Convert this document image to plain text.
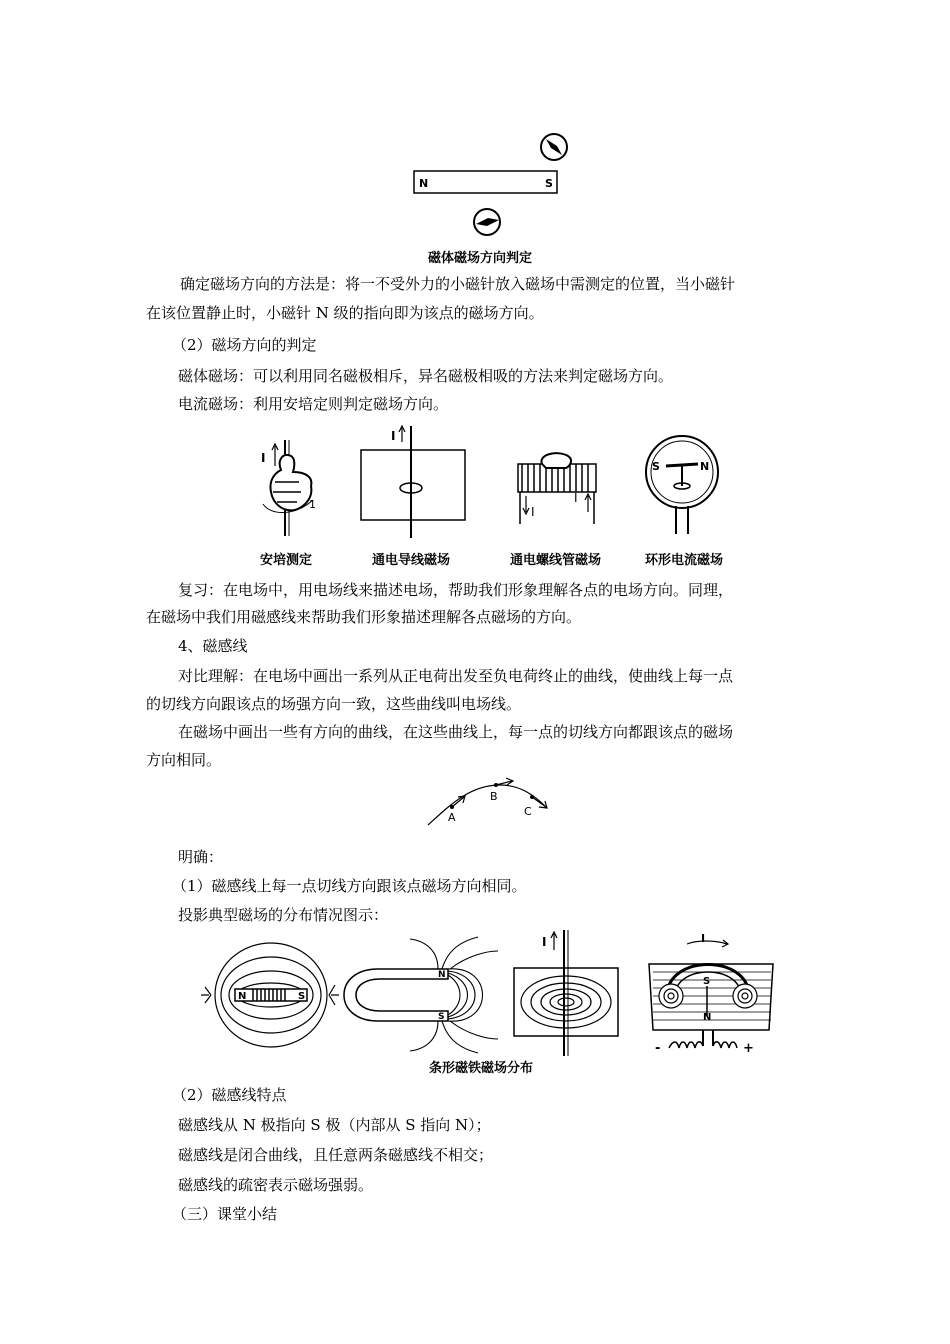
N	S
磁体磁场方向判定
确定磁场方向的方法是：将一不受外力的小磁针放入磁场中需测定的位置，当小磁针
在该位置静止时，小磁针 N 级的指向即为该点的磁场方向。
（2）磁场方向的判定
磁体磁场：可以利用同名磁极相斥，异名磁极相吸的方法来判定磁场方向。
电流磁场：利用安培定则判定磁场方向。
I
1
I
I
I
S	N
安培测定	通电导线磁场	通电螺线管磁场	环形电流磁场
复习：在电场中，用电场线来描述电场，帮助我们形象理解各点的电场方向。同理，
在磁场中我们用磁感线来帮助我们形象描述理解各点磁场的方向。
4、磁感线
对比理解：在电场中画出一系列从正电荷出发至负电荷终止的曲线，使曲线上每一点
的切线方向跟该点的场强方向一致，这些曲线叫电场线。
在磁场中画出一些有方向的曲线，在这些曲线上，每一点的切线方向都跟该点的磁场
方向相同。
A
B
C
明确：
（1）磁感线上每一点切线方向跟该点磁场方向相同。
投影典型磁场的分布情况图示：
N	S
N
S
I	I
S
N
-	+
条形磁铁磁场分布
（2）磁感线特点
磁感线从 N 极指向 S 极（内部从 S 指向 N）；
磁感线是闭合曲线，且任意两条磁感线不相交；
磁感线的疏密表示磁场强弱。
（三）课堂小结
